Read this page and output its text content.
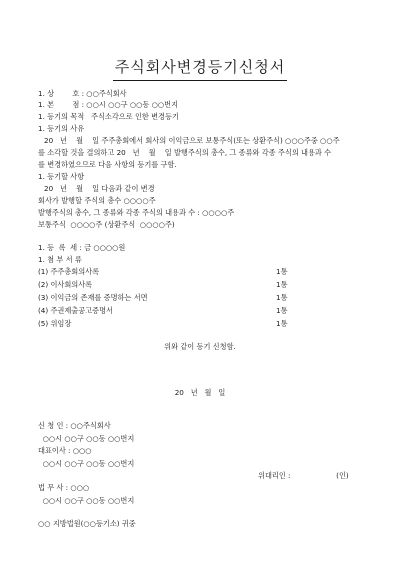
주식회사변경등기신청서
1. 상        호 : ○○주식회사
1. 본        점 : ○○시 ○○구 ○○동 ○○번지
1. 등기의 목적   주식소각으로 인한 변경등기
1. 등기의 사유
20   년    월    일 주주총회에서 회사의 이익금으로 보통주식(또는 상환주식) ○○○주중 ○○주
를 소각할 것을 결의하고 20   년    월    일 발행주식의 총수, 그 종류와 각종 주식의 내용과 수
를 변경하였으므로 다음 사항의 등기를 구함.
1. 등기할 사항
20   년    월    일 다음과 같이 변경
회사가 발행할 주식의 총수 ○○○○주
발행주식의 총수, 그 종류와 각종 주식의 내용과 수 : ○○○○주
보통주식  ○○○○주 (상환주식  ○○○○주)
1. 등  록  세 : 금 ○○○○원
1. 첨 부 서 류
(1) 주주총회의사록	1통
(2) 이사회의사록	1통
(3) 이익금의 존재를 증명하는 서면	1통
(4) 주권제출공고증명서	1통
(5) 위임장	1통
위와 같이 등기 신청함.
20   년   월   일
신 청 인 : ○○주식회사
○○시 ○○구 ○○동 ○○번지
대표이사 : ○○○
○○시 ○○구 ○○동 ○○번지
위대리인 :                    (인)
법 무 사 : ○○○
○○시 ○○구 ○○동 ○○번지
○○ 지방법원(○○등기소) 귀중
